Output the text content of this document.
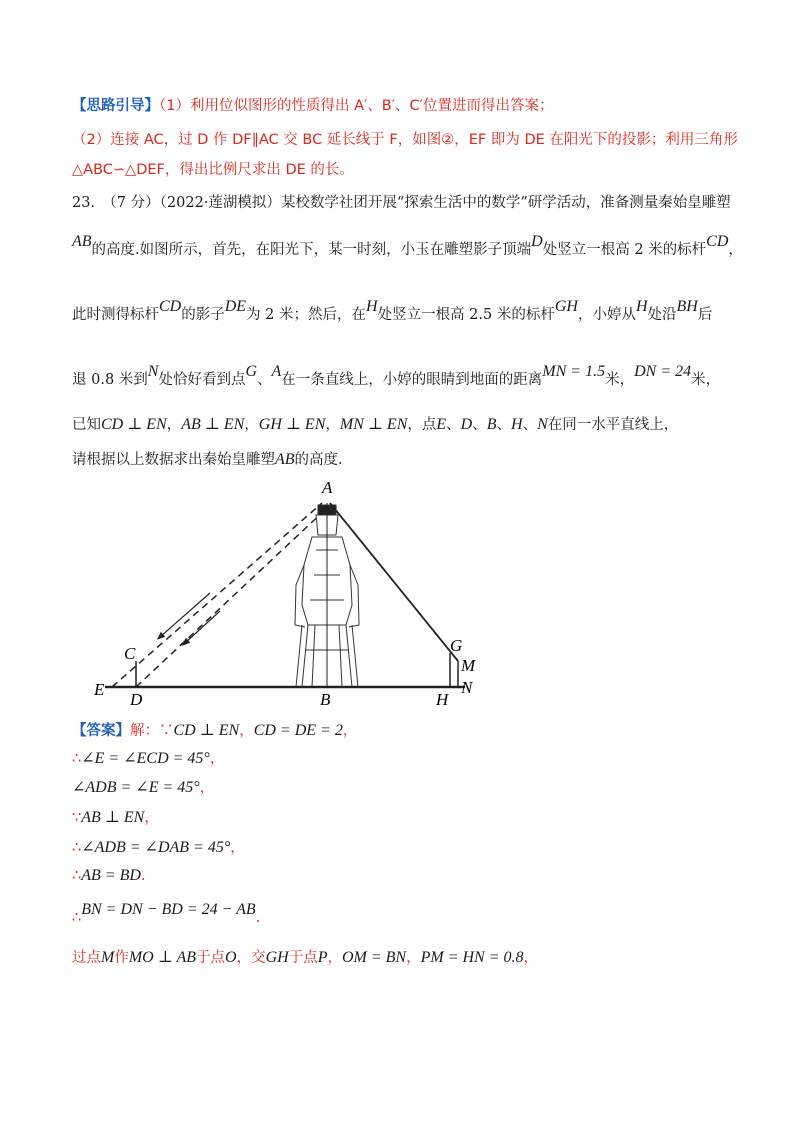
【思路引导】（1）利用位似图形的性质得出 A′、B′、C′位置进而得出答案；
（2）连接 AC，过 D 作 DF∥AC 交 BC 延长线于 F，如图②，EF 即为 DE 在阳光下的投影；利用三角形
△ABC∽△DEF，得出比例尺求出 DE 的长。
23.　（7 分）（2022·莲湖模拟）某校数学社团开展“探索生活中的数学”研学活动，准备测量秦始皇雕塑
AB的高度.如图所示，首先，在阳光下，某一时刻，小玉在雕塑影子顶端D处竖立一根高 2 米的标杆CD，
此时测得标杆CD的影子DE为 2 米；然后，在H处竖立一根高 2.5 米的标杆GH，小婷从H处沿BH后
退 0.8 米到N处恰好看到点G、A在一条直线上，小婷的眼睛到地面的距离MN = 1.5米，DN = 24米，
已知CD ⊥ EN，AB ⊥ EN，GH ⊥ EN，MN ⊥ EN，点E、D、B、H、N在同一水平直线上，
请根据以上数据求出秦始皇雕塑AB的高度.
A
B
C
D
E
G
H
M
N
【答案】解：∵CD ⊥ EN，CD = DE = 2，
∴∠E = ∠ECD = 45°，
∠ADB = ∠E = 45°，
∵AB ⊥ EN，
∴∠ADB = ∠DAB = 45°，
∴AB = BD.
∴BN = DN − BD = 24 − AB.
过点M作MO ⊥ AB于点O，交GH于点P，OM = BN，PM = HN = 0.8，
